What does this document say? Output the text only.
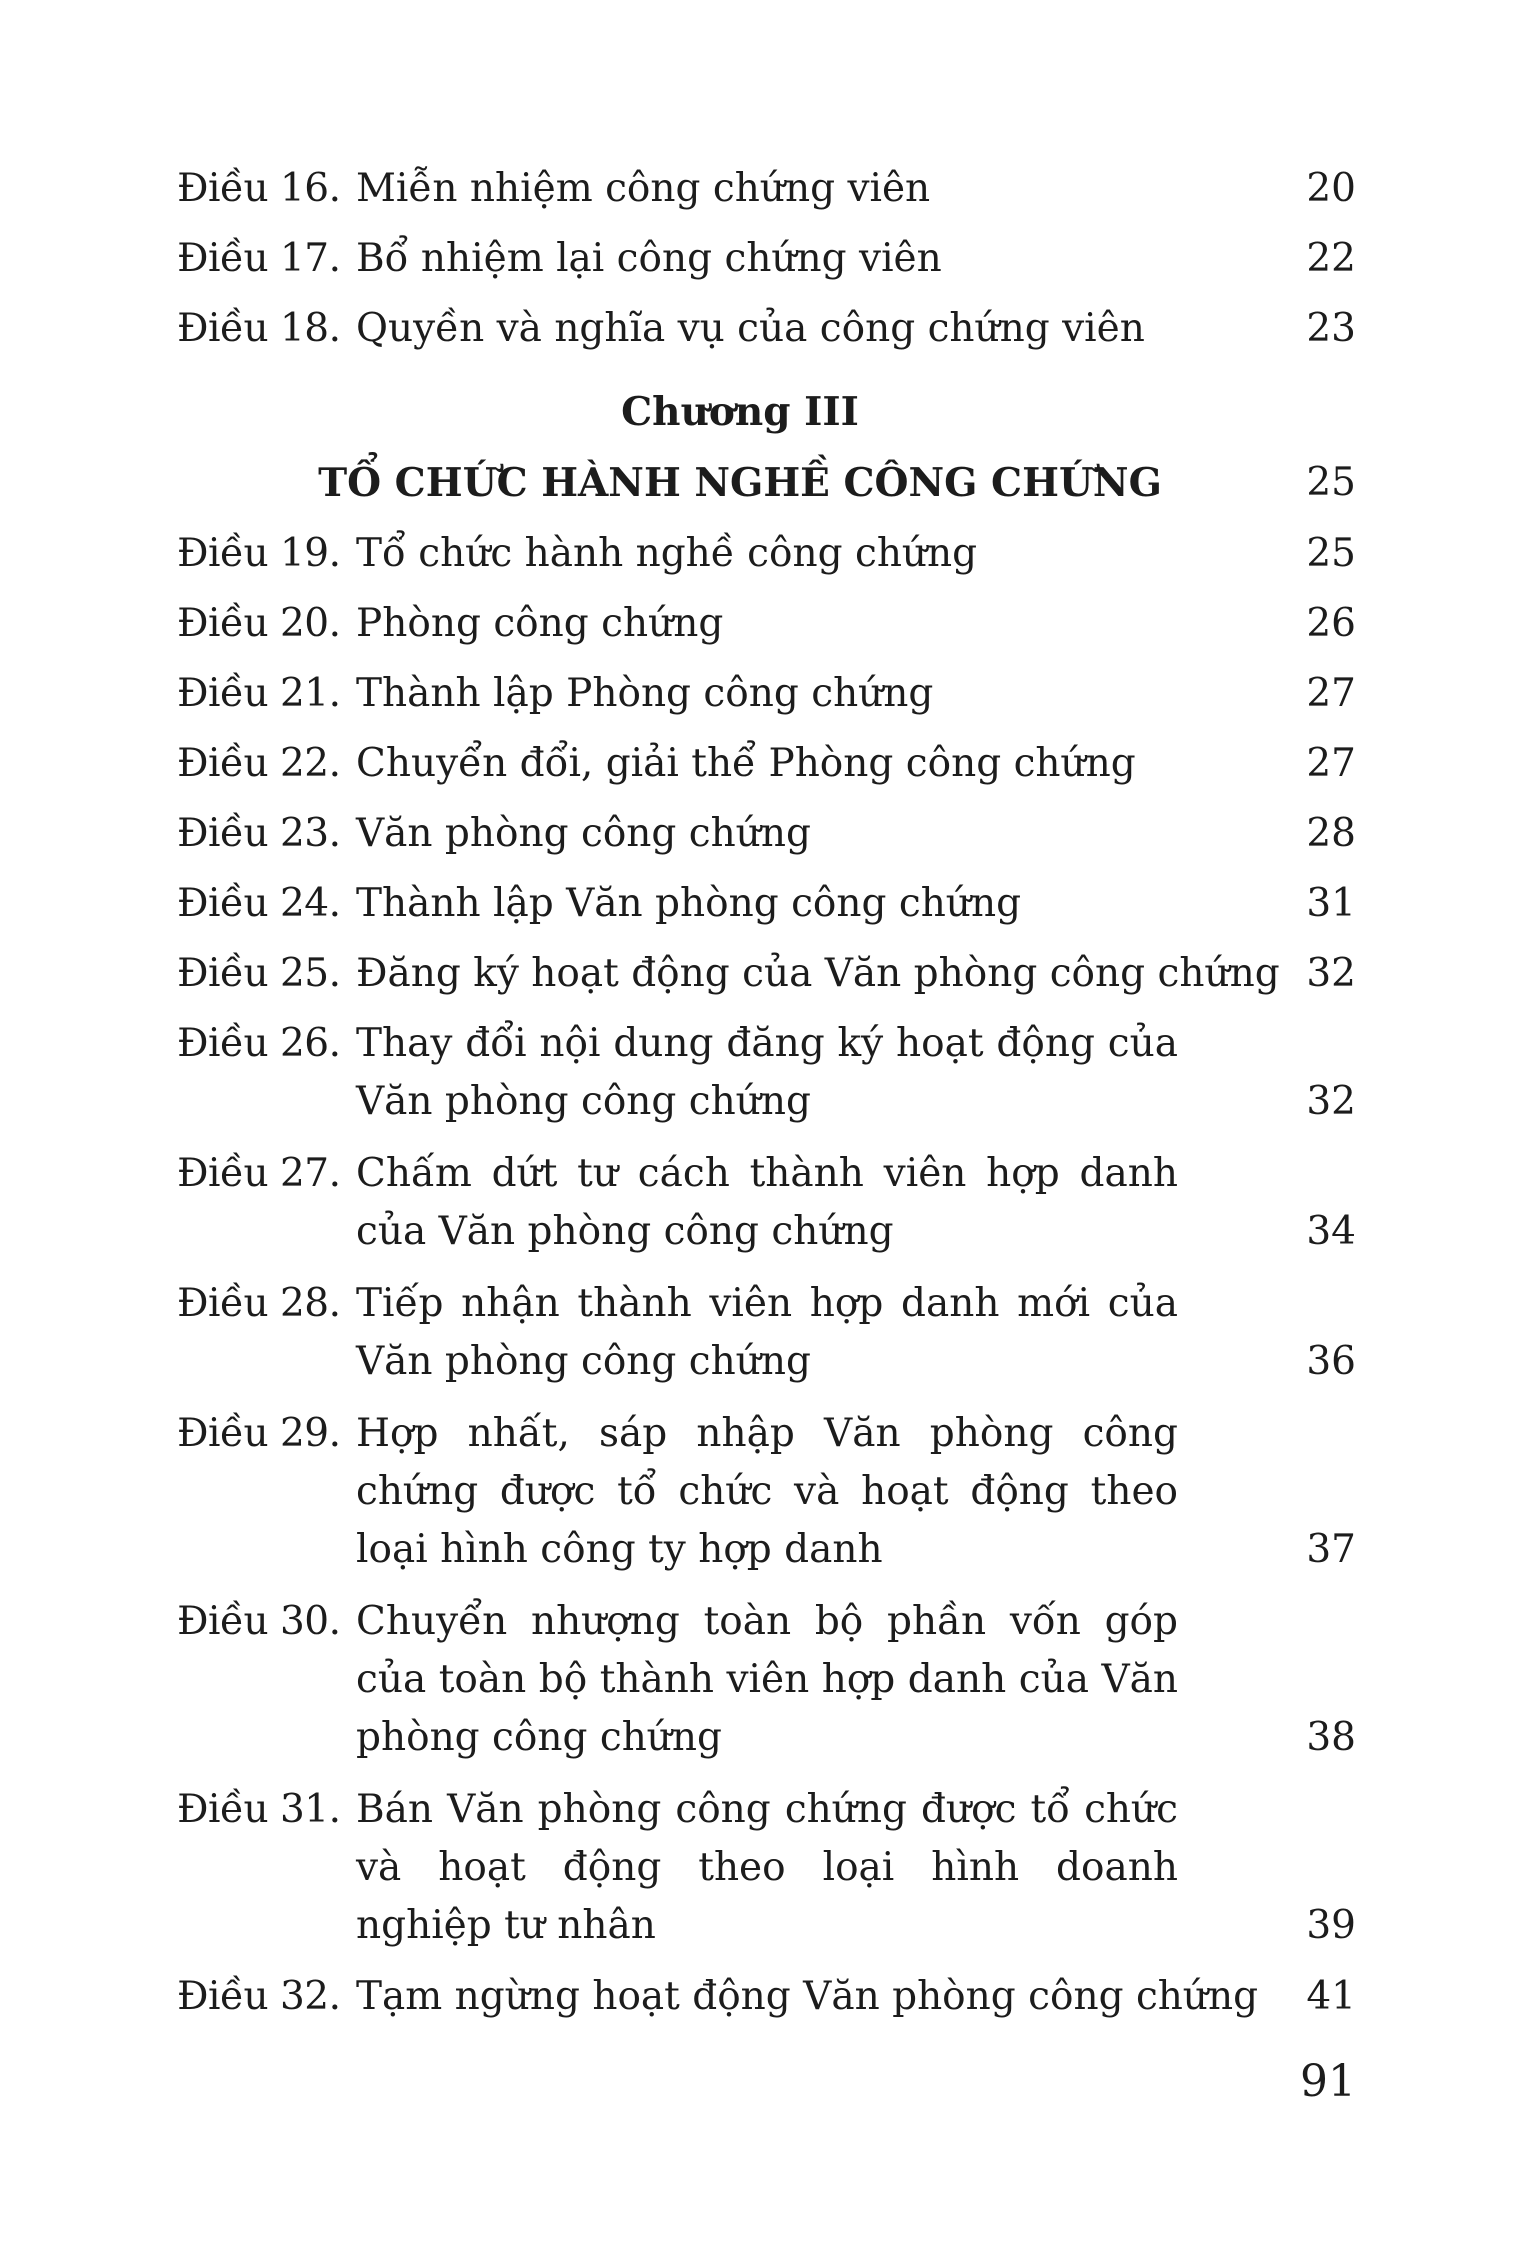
Điều 16. Miễn nhiệm công chứng viên	20
Điều 17. Bổ nhiệm lại công chứng viên	22
Điều 18. Quyền và nghĩa vụ của công chứng viên	23
Chương III
TỔ CHỨC HÀNH NGHỀ CÔNG CHỨNG	25
Điều 19. Tổ chức hành nghề công chứng	25
Điều 20. Phòng công chứng	26
Điều 21. Thành lập Phòng công chứng	27
Điều 22. Chuyển đổi, giải thể Phòng công chứng	27
Điều 23. Văn phòng công chứng	28
Điều 24. Thành lập Văn phòng công chứng	31
Điều 25. Đăng ký hoạt động của Văn phòng công chứng 32
Điều 26. Thay đổi nội dung đăng ký hoạt động của Văn phòng công chứng	32
Điều 27. Chấm dứt tư cách thành viên hợp danh của Văn phòng công chứng	34
Điều 28. Tiếp nhận thành viên hợp danh mới của Văn phòng công chứng	36
Điều 29. Hợp nhất, sáp nhập Văn phòng công chứng được tổ chức và hoạt động theo loại hình công ty hợp danh	37
Điều 30. Chuyển nhượng toàn bộ phần vốn góp của toàn bộ thành viên hợp danh của Văn phòng công chứng	38
Điều 31. Bán Văn phòng công chứng được tổ chức và hoạt động theo loại hình doanh nghiệp tư nhân	39
Điều 32. Tạm ngừng hoạt động Văn phòng công chứng 41
91
